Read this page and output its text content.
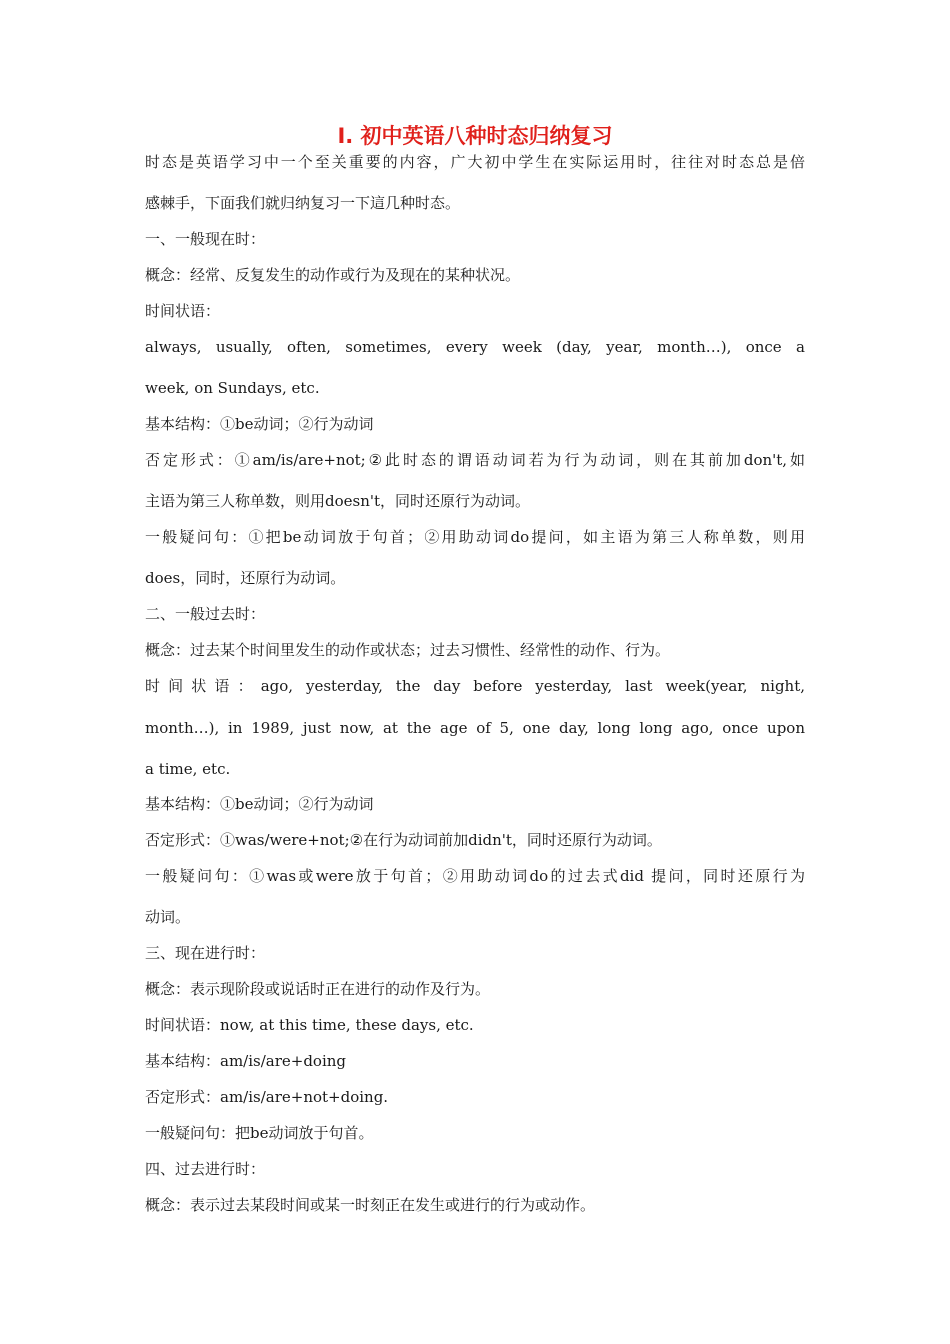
Ⅰ. 初中英语八种时态归纳复习

时态是英语学习中一个至关重要的内容，广大初中学生在实际运用时，往往对时态总是倍

感棘手，下面我们就归纳复习一下這几种时态。

一、一般现在时：

概念：经常、反复发生的动作或行为及现在的某种状况。

时间状语：

always, usually, often, sometimes, every week (day, year, month…), once a

week, on Sundays, etc.

基本结构：①be动词；②行为动词

否定形式：①am/is/are+not;②此时态的谓语动词若为行为动词，则在其前加don't,如

主语为第三人称单数，则用doesn't，同时还原行为动词。

一般疑问句：①把be动词放于句首；②用助动词do提问，如主语为第三人称单数，则用

does，同时，还原行为动词。

二、一般过去时：

概念：过去某个时间里发生的动作或状态；过去习惯性、经常性的动作、行为。

时间状语：ago, yesterday, the day before yesterday, last week(year, night,

month…), in 1989, just now, at the age of 5, one day, long long ago, once upon

a time, etc.

基本结构：①be动词；②行为动词

否定形式：①was/were+not;②在行为动词前加didn't，同时还原行为动词。

一般疑问句：①was或were放于句首；②用助动词do的过去式did 提问，同时还原行为

动词。

三、现在进行时：

概念：表示现阶段或说话时正在进行的动作及行为。

时间状语：now, at this time, these days, etc.

基本结构：am/is/are+doing

否定形式：am/is/are+not+doing.

一般疑问句：把be动词放于句首。

四、过去进行时：

概念：表示过去某段时间或某一时刻正在发生或进行的行为或动作。
